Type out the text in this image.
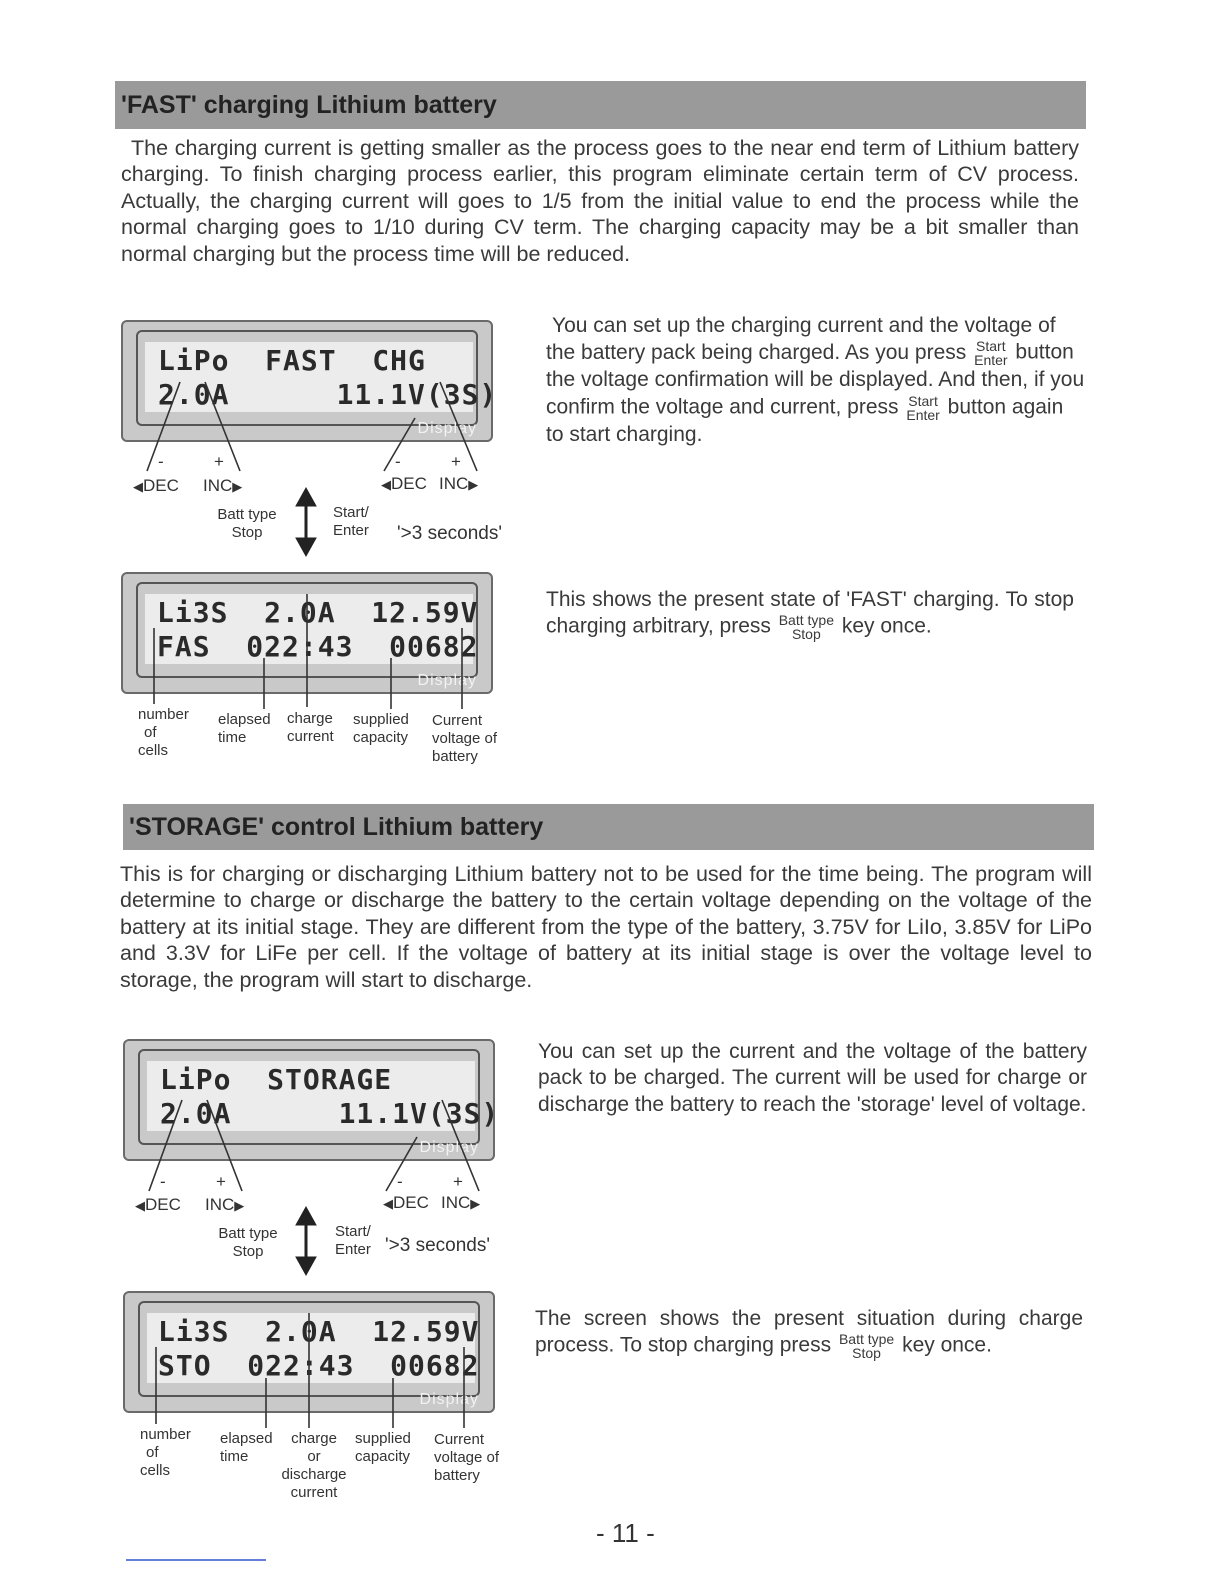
'FAST' charging Lithium battery

The charging current is getting smaller as the process goes to the near end term of Lithium battery charging. To finish charging process earlier, this program eliminate certain term of CV process. Actually, the charging current will goes to 1/5 from the initial value to end the process while the normal charging goes to 1/10 during CV term. The charging capacity may be a bit smaller than normal charging but the process time will be reduced.

LiPo  FAST  CHG
2.0A      11.1V(3S)
Display
-	+
◀DEC INC▶
-	+
◀DEC INC▶
Batt type
Stop
Start/
Enter '>3 seconds'
You can set up the charging current and the voltage of the battery pack being charged. As you press Start
Enter button the voltage confirmation will be displayed. And then, if you confirm the voltage and current, press Start
Enter button again to start charging.
Li3S  2.0A  12.59V
FAS  022:43  00682
Display
number
of
cells
elapsed
time
charge
current
supplied
capacity
Current
voltage of
battery
This shows the present state of 'FAST' charging. To stop charging arbitrary, press Batt type
Stop	key once.
'STORAGE' control Lithium battery

This is for charging or discharging Lithium battery not to be used for the time being. The program will determine to charge or discharge the battery to the certain voltage depending on the voltage of the battery at its initial stage. They are different from the type of the battery, 3.75V for LiIo, 3.85V for LiPo and 3.3V for LiFe per cell. If the voltage of battery at its initial stage is over the voltage level to storage, the program will start to discharge.

LiPo  STORAGE
2.0A      11.1V(3S)
Display
-	+
◀DEC INC▶
-	+
◀DEC INC▶
Batt type
Stop
Start/
Enter '>3 seconds'
You can set up the current and the voltage of the battery pack to be charged. The current will be used for charge or discharge the battery to reach the 'storage' level of voltage.
Li3S  2.0A  12.59V
STO  022:43  00682
Display
number
of
cells
elapsed
time
charge
or
discharge
current
supplied
capacity
Current
voltage of
battery
The screen shows the present situation during charge process. To stop charging press Batt type
Stop	key once.
- 11 -
